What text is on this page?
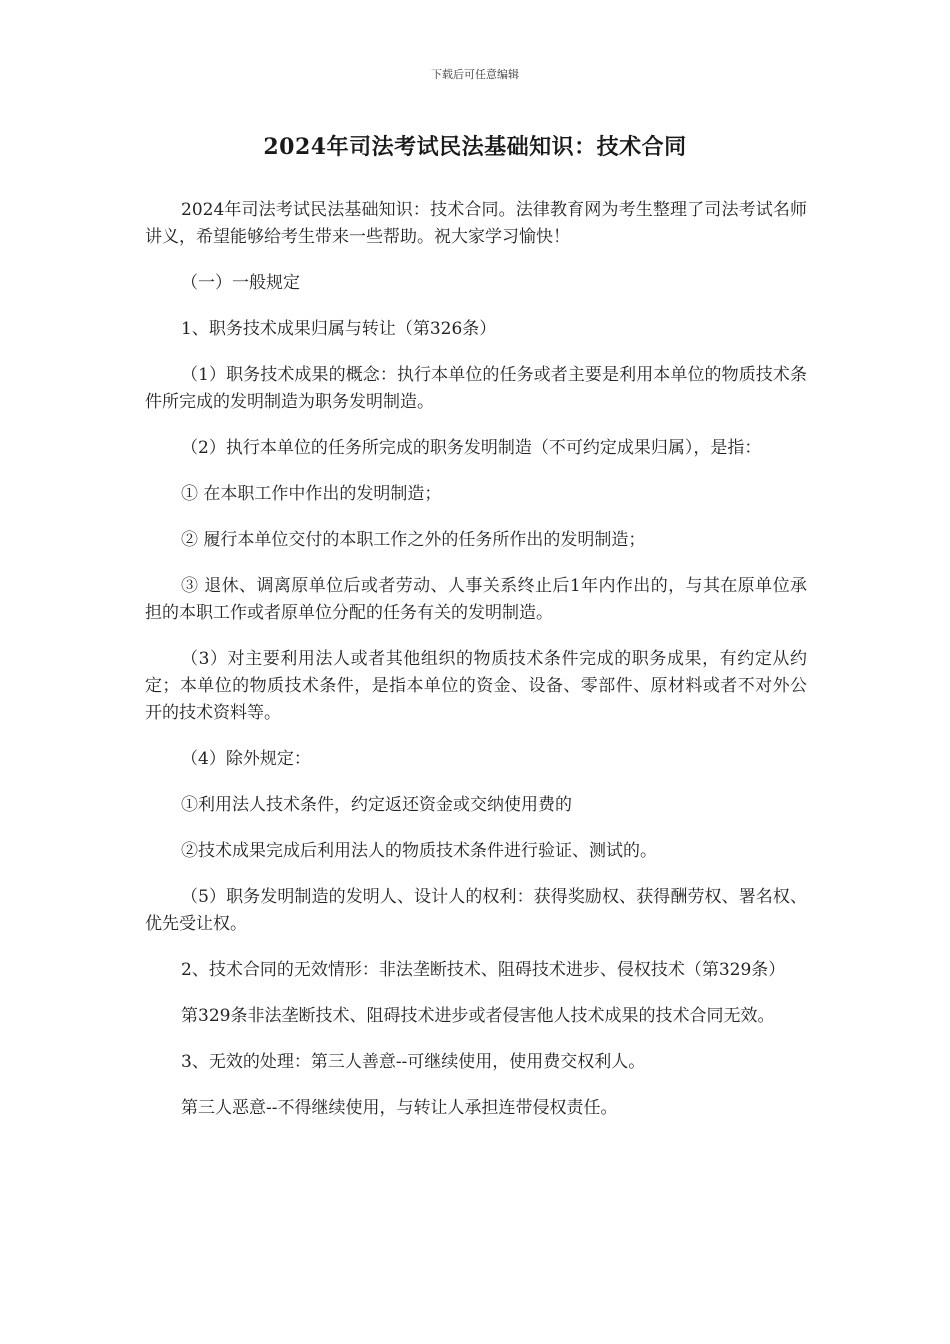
下载后可任意编辑
2024年司法考试民法基础知识：技术合同

2024年司法考试民法基础知识：技术合同。法律教育网为考生整理了司法考试名师讲义，希望能够给考生带来一些帮助。祝大家学习愉快！

（一）一般规定

1、职务技术成果归属与转让（第326条）

（1）职务技术成果的概念：执行本单位的任务或者主要是利用本单位的物质技术条件所完成的发明制造为职务发明制造。

（2）执行本单位的任务所完成的职务发明制造（不可约定成果归属），是指：

① 在本职工作中作出的发明制造；

② 履行本单位交付的本职工作之外的任务所作出的发明制造；

③ 退休、调离原单位后或者劳动、人事关系终止后1年内作出的，与其在原单位承担的本职工作或者原单位分配的任务有关的发明制造。

（3）对主要利用法人或者其他组织的物质技术条件完成的职务成果，有约定从约定；本单位的物质技术条件，是指本单位的资金、设备、零部件、原材料或者不对外公开的技术资料等。

（4）除外规定：

①利用法人技术条件，约定返还资金或交纳使用费的

②技术成果完成后利用法人的物质技术条件进行验证、测试的。

（5）职务发明制造的发明人、设计人的权利：获得奖励权、获得酬劳权、署名权、优先受让权。

2、技术合同的无效情形：非法垄断技术、阻碍技术进步、侵权技术（第329条）

第329条非法垄断技术、阻碍技术进步或者侵害他人技术成果的技术合同无效。

3、无效的处理：第三人善意--可继续使用，使用费交权利人。

第三人恶意--不得继续使用，与转让人承担连带侵权责任。
